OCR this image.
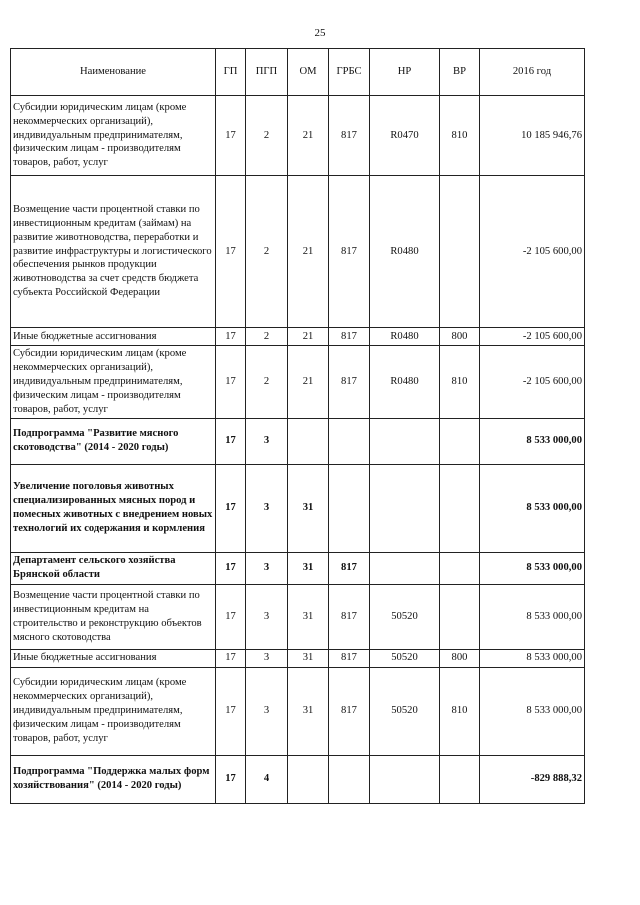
25
Наименование	ГП	ПГП	ОМ	ГРБС	НР	ВР	2016 год
Субсидии юридическим лицам (кроме некоммерческих организаций), индивидуальным предпринимателям, физическим лицам - производителям товаров, работ, услуг	17	2	21	817	R0470	810	10 185 946,76
Возмещение части процентной ставки по инвестиционным кредитам (займам) на развитие животноводства, переработки и развитие инфраструктуры и логистического обеспечения рынков продукции животноводства за счет средств бюджета субъекта Российской Федерации	17	2	21	817	R0480		-2 105 600,00
Иные бюджетные ассигнования	17	2	21	817	R0480	800	-2 105 600,00
Субсидии юридическим лицам (кроме некоммерческих организаций), индивидуальным предпринимателям, физическим лицам - производителям товаров, работ, услуг	17	2	21	817	R0480	810	-2 105 600,00
Подпрограмма "Развитие мясного скотоводства" (2014 - 2020 годы)	17	3					8 533 000,00
Увеличение поголовья животных специализированных мясных пород и помесных животных с внедрением новых технологий их содержания и кормления	17	3	31				8 533 000,00
Департамент сельского хозяйства Брянской области	17	3	31	817			8 533 000,00
Возмещение части процентной ставки по инвестиционным кредитам на строительство и реконструкцию объектов мясного скотоводства	17	3	31	817	50520		8 533 000,00
Иные бюджетные ассигнования	17	3	31	817	50520	800	8 533 000,00
Субсидии юридическим лицам (кроме некоммерческих организаций), индивидуальным предпринимателям, физическим лицам - производителям товаров, работ, услуг	17	3	31	817	50520	810	8 533 000,00
Подпрограмма "Поддержка малых форм хозяйствования" (2014 - 2020 годы)	17	4					-829 888,32
